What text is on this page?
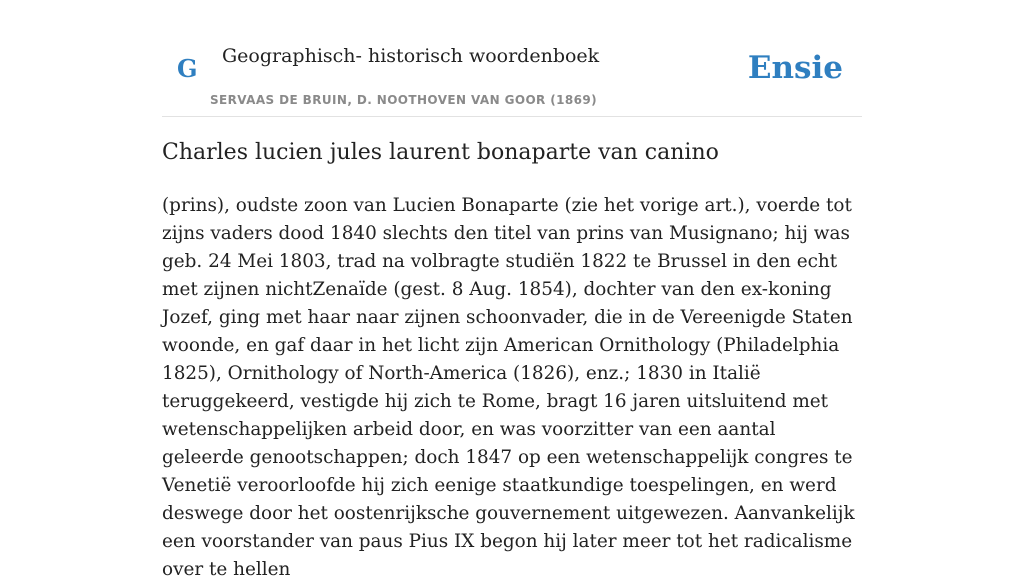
G Geographisch- historisch woordenboek
SERVAAS DE BRUIN, D. NOOTHOVEN VAN GOOR (1869)
Ensie
Charles lucien jules laurent bonaparte van canino

(prins), oudste zoon van Lucien Bonaparte (zie het vorige art.), voerde tot zijns vaders dood 1840 slechts den titel van prins van Musignano; hij was geb. 24 Mei 1803, trad na volbragte studiën 1822 te Brussel in den echt met zijnen nichtZenaïde (gest. 8 Aug. 1854), dochter van den ex-koning Jozef, ging met haar naar zijnen schoonvader, die in de Vereenigde Staten woonde, en gaf daar in het licht zijn American Ornithology (Philadelphia 1825), Ornithology of North-America (1826), enz.; 1830 in Italië teruggekeerd, vestigde hij zich te Rome, bragt 16 jaren uitsluitend met wetenschappelijken arbeid door, en was voorzitter van een aantal geleerde genootschappen; doch 1847 op een wetenschappelijk congres te Venetië veroorloofde hij zich eenige staatkundige toespelingen, en werd deswege door het oostenrijksche gouvernement uitgewezen. Aanvankelijk een voorstander van paus Pius IX begon hij later meer tot het radicalisme over te hellen
